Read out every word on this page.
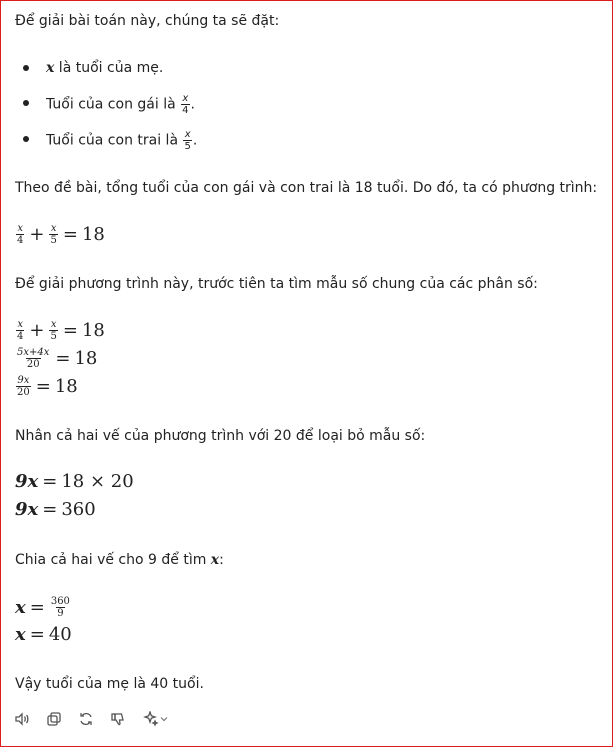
Để giải bài toán này, chúng ta sẽ đặt:

x là tuổi của mẹ.
Tuổi của con gái là $\frac{x}{4}$ .
Tuổi của con trai là $\frac{x}{5}$ .

Theo đề bài, tổng tuổi của con gái và con trai là 18 tuổi. Do đó, ta có phương trình:

$\frac{x}{4} + \frac{x}{5} = 18$

Để giải phương trình này, trước tiên ta tìm mẫu số chung của các phân số:

$\frac{x}{4} + \frac{x}{5} = 18$
$\frac{5x+4x}{20} = 18$
$\frac{9x}{20} = 18$

Nhân cả hai vế của phương trình với 20 để loại bỏ mẫu số:

9x = 18 × 20
9x = 360

Chia cả hai vế cho 9 để tìm x:

$x = \frac{360}{9}$
x = 40

Vậy tuổi của mẹ là 40 tuổi.
